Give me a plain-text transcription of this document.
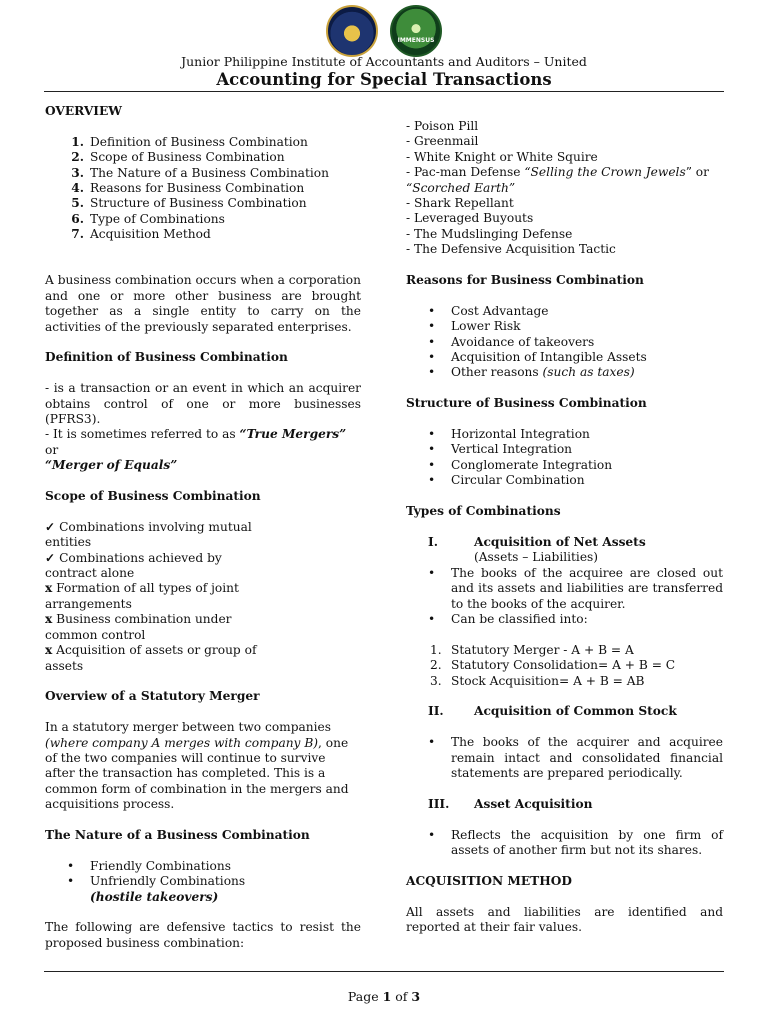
IMMENSUS
Junior Philippine Institute of Accountants and Auditors – United
Accounting for Special Transactions

OVERVIEW

1. Definition of Business Combination
2. Scope of Business Combination
3. The Nature of a Business Combination
4. Reasons for Business Combination
5. Structure of Business Combination
6. Type of Combinations
7. Acquisition Method

A business combination occurs when a corporation and one or more other business are brought together as a single entity to carry on the activities of the previously separated enterprises.

Definition of Business Combination

- is a transaction or an event in which an acquirer obtains control of one or more businesses (PFRS3).

- It is sometimes referred to as “True Mergers” or
“Merger of Equals”

Scope of Business Combination

✓ Combinations involving mutual
entities

✓ Combinations achieved by
contract alone

x Formation of all types of joint
arrangements

x Business combination under
common control

x Acquisition of assets or group of
assets

Overview of a Statutory Merger

In a statutory merger between two companies
(where company A merges with company B), one
of the two companies will continue to survive
after the transaction has completed. This is a
common form of combination in the mergers and
acquisitions process.

The Nature of a Business Combination

•	Friendly Combinations
•	Unfriendly Combinations

(hostile takeovers)

The following are defensive tactics to resist the proposed business combination:

- Poison Pill

- Greenmail

- White Knight or White Squire

- Pac-man Defense “Selling the Crown Jewels” or
“Scorched Earth”

- Shark Repellant

- Leveraged Buyouts

- The Mudslinging Defense

- The Defensive Acquisition Tactic

Reasons for Business Combination

•	Cost Advantage
•	Lower Risk
•	Avoidance of takeovers
•	Acquisition of Intangible Assets
•	Other reasons (such as taxes)

Structure of Business Combination

•	Horizontal Integration
•	Vertical Integration
•	Conglomerate Integration
•	Circular Combination

Types of Combinations

I.	Acquisition of Net Assets

(Assets – Liabilities)

•	The books of the acquiree are closed out and its assets and liabilities are transferred to the books of the acquirer.
•	Can be classified into:
1. Statutory Merger - A + B = A
2. Statutory Consolidation= A + B = C
3. Stock Acquisition= A + B = AB
II.	Acquisition of Common Stock
•	The books of the acquirer and acquiree remain intact and consolidated financial statements are prepared periodically.
III.	Asset Acquisition
•	Reflects the acquisition by one firm of assets of another firm but not its shares.

ACQUISITION METHOD

All assets and liabilities are identified and reported at their fair values.

Page 1 of 3
